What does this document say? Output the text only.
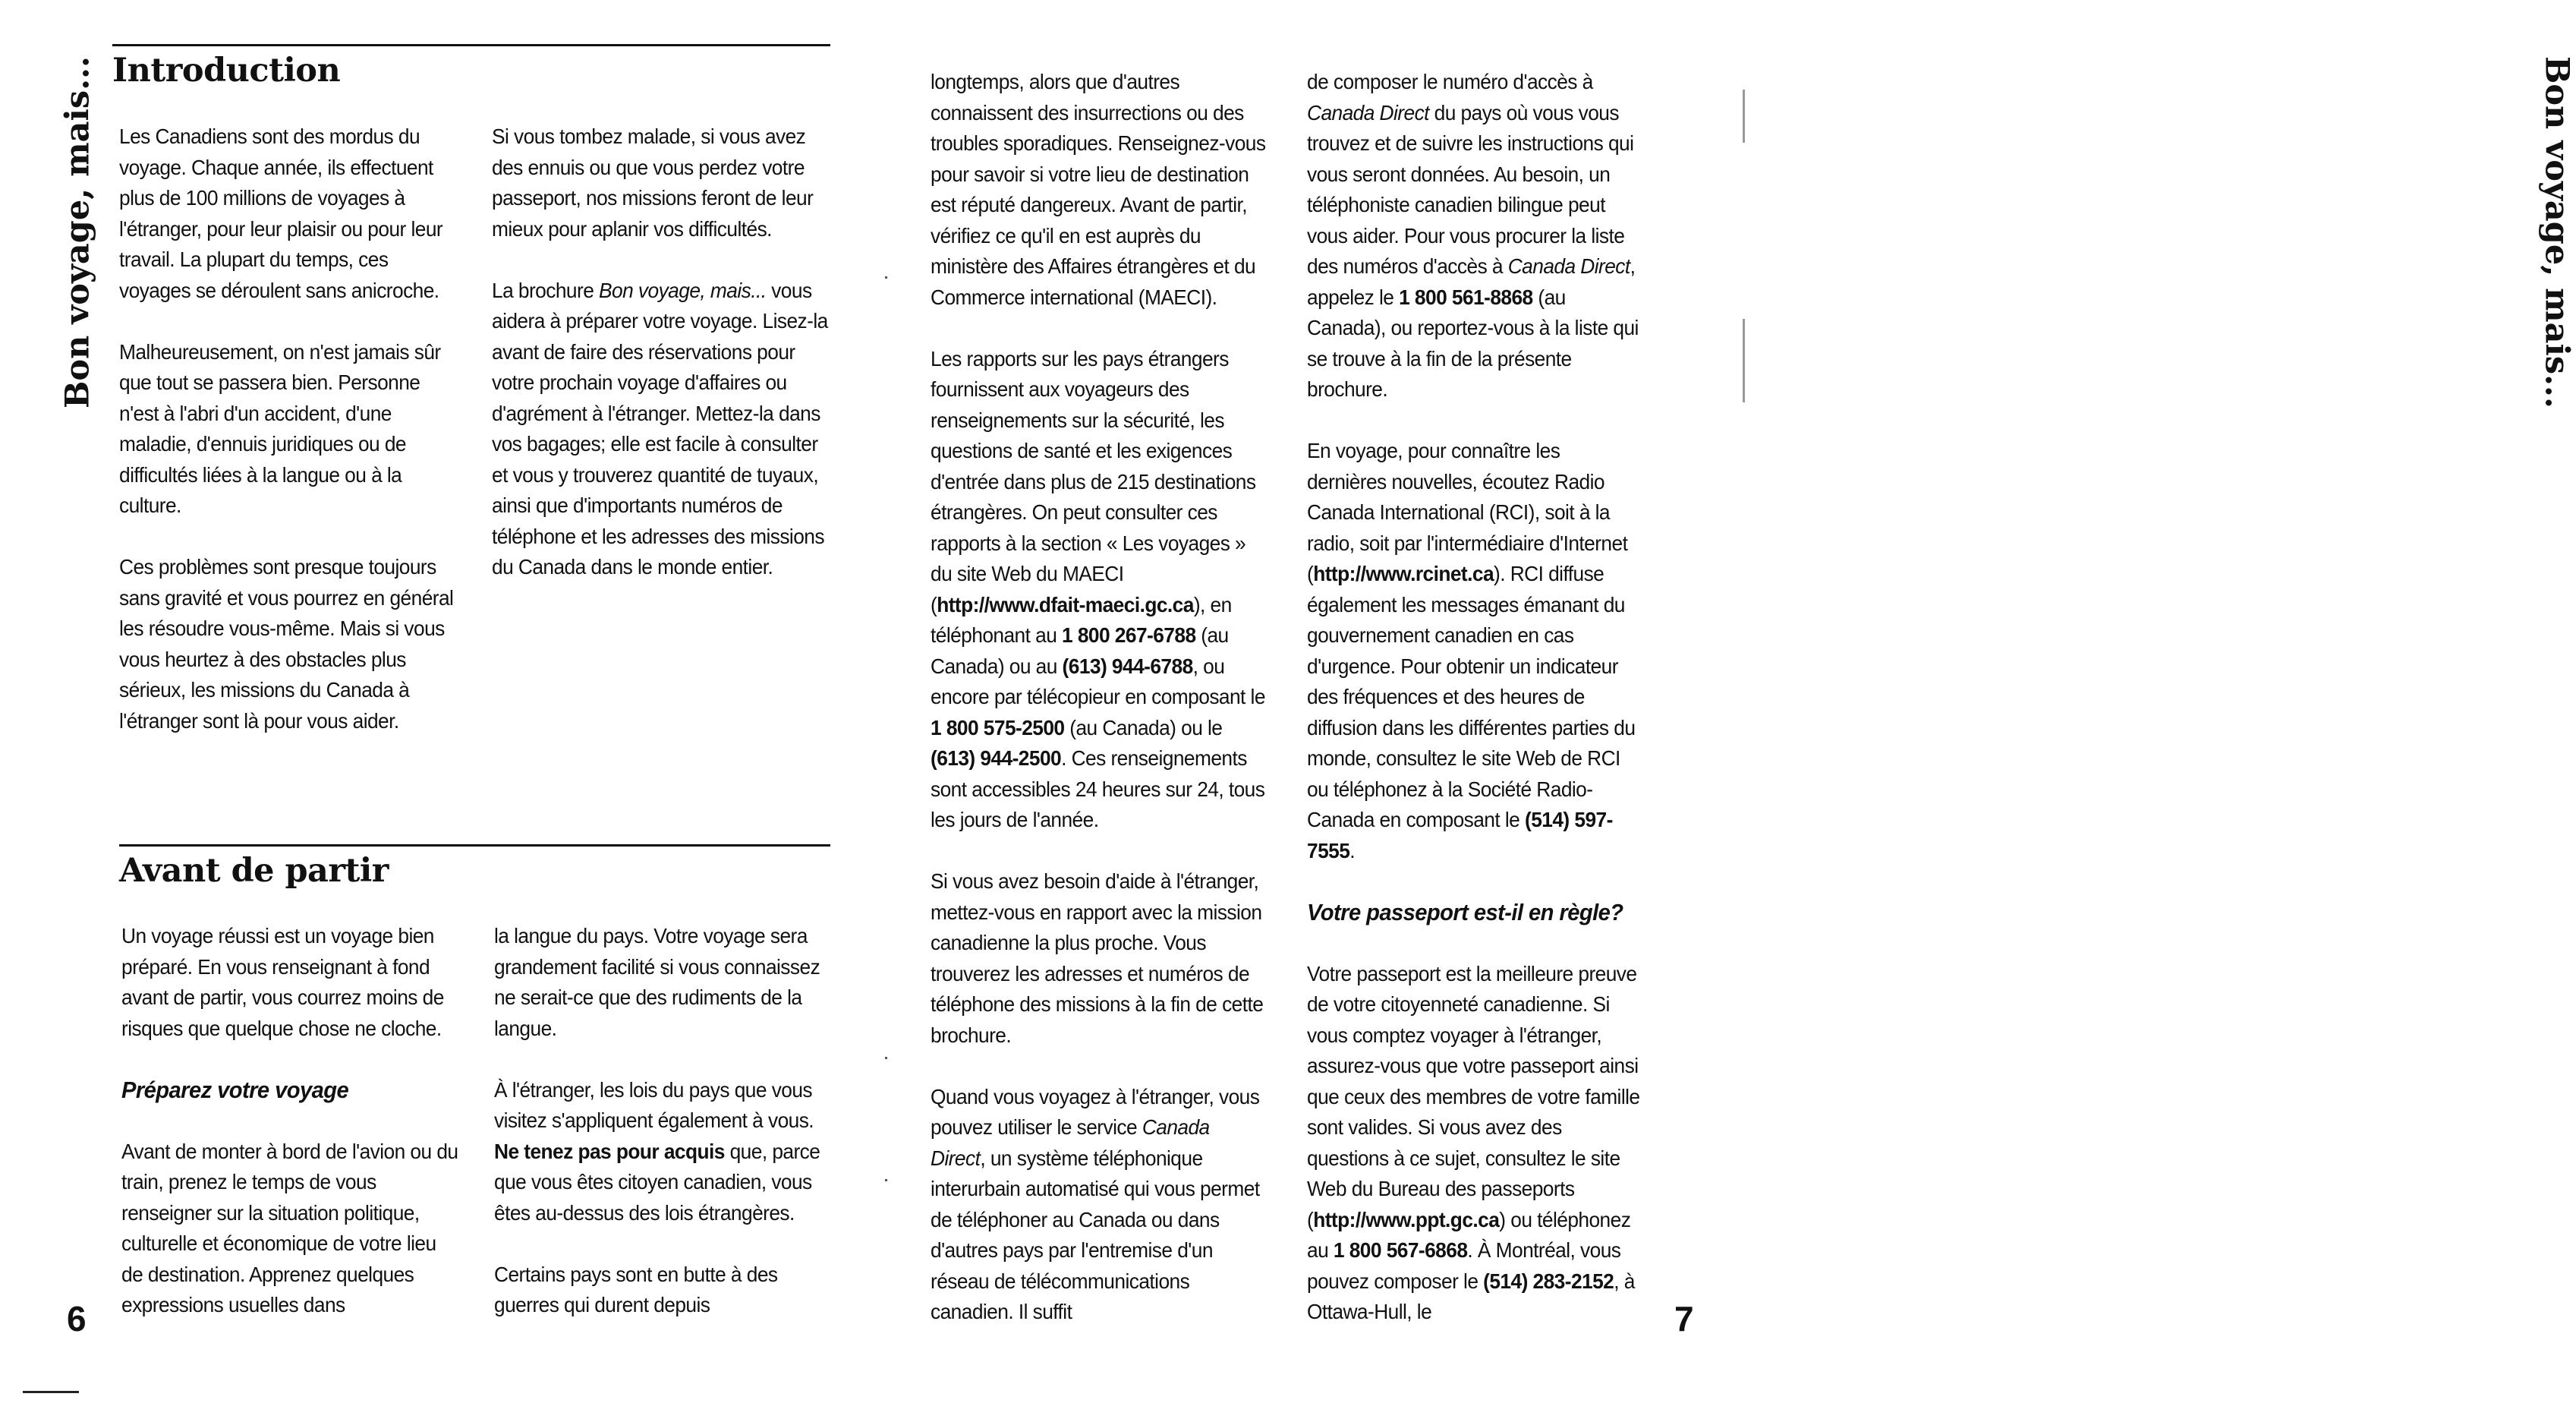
Bon voyage, mais... Introduction

Les Canadiens sont des mordus du voyage. Chaque année, ils effectuent plus de 100 millions de voyages à l'étranger, pour leur plaisir ou pour leur travail. La plupart du temps, ces voyages se déroulent sans anicroche.

Malheureusement, on n'est jamais sûr que tout se passera bien. Personne n'est à l'abri d'un accident, d'une maladie, d'ennuis juridiques ou de difficultés liées à la langue ou à la culture.

Ces problèmes sont presque toujours sans gravité et vous pourrez en général les résoudre vous-même. Mais si vous vous heurtez à des obstacles plus sérieux, les missions du Canada à l'étranger sont là pour vous aider.

Si vous tombez malade, si vous avez des ennuis ou que vous perdez votre passeport, nos missions feront de leur mieux pour aplanir vos difficultés.

La brochure Bon voyage, mais... vous aidera à préparer votre voyage. Lisez-la avant de faire des réservations pour votre prochain voyage d'affaires ou d'agrément à l'étranger. Mettez-la dans vos bagages; elle est facile à consulter et vous y trouverez quantité de tuyaux, ainsi que d'importants numéros de téléphone et les adresses des missions du Canada dans le monde entier.

Avant de partir

Un voyage réussi est un voyage bien préparé. En vous renseignant à fond avant de partir, vous courrez moins de risques que quelque chose ne cloche.

Préparez votre voyage

Avant de monter à bord de l'avion ou du train, prenez le temps de vous renseigner sur la situation politique, culturelle et économique de votre lieu de destination. Apprenez quelques expressions usuelles dans

la langue du pays. Votre voyage sera grandement facilité si vous connaissez ne serait-ce que des rudiments de la langue.

À l'étranger, les lois du pays que vous visitez s'appliquent également à vous. Ne tenez pas pour acquis que, parce que vous êtes citoyen canadien, vous êtes au-dessus des lois étrangères.

Certains pays sont en butte à des guerres qui durent depuis

6

longtemps, alors que d'autres connaissent des insurrections ou des troubles sporadiques. Renseignez-vous pour savoir si votre lieu de destination est réputé dangereux. Avant de partir, vérifiez ce qu'il en est auprès du ministère des Affaires étrangères et du Commerce international (MAECI).

Les rapports sur les pays étrangers fournissent aux voyageurs des renseignements sur la sécurité, les questions de santé et les exigences d'entrée dans plus de 215 destinations étrangères. On peut consulter ces rapports à la section « Les voyages » du site Web du MAECI (http://www.dfait-maeci.gc.ca), en téléphonant au 1 800 267-6788 (au Canada) ou au (613) 944-6788, ou encore par télécopieur en composant le 1 800 575-2500 (au Canada) ou le (613) 944-2500. Ces renseignements sont accessibles 24 heures sur 24, tous les jours de l'année.

Si vous avez besoin d'aide à l'étranger, mettez-vous en rapport avec la mission canadienne la plus proche. Vous trouverez les adresses et numéros de téléphone des missions à la fin de cette brochure.

Quand vous voyagez à l'étranger, vous pouvez utiliser le service Canada Direct, un système téléphonique interurbain automatisé qui vous permet de téléphoner au Canada ou dans d'autres pays par l'entremise d'un réseau de télécommunications canadien. Il suffit

de composer le numéro d'accès à Canada Direct du pays où vous vous trouvez et de suivre les instructions qui vous seront données. Au besoin, un téléphoniste canadien bilingue peut vous aider. Pour vous procurer la liste des numéros d'accès à Canada Direct, appelez le 1 800 561-8868 (au Canada), ou reportez-vous à la liste qui se trouve à la fin de la présente brochure.

En voyage, pour connaître les dernières nouvelles, écoutez Radio Canada International (RCI), soit à la radio, soit par l'intermédiaire d'Internet (http://www.rcinet.ca). RCI diffuse également les messages émanant du gouvernement canadien en cas d'urgence. Pour obtenir un indicateur des fréquences et des heures de diffusion dans les différentes parties du monde, consultez le site Web de RCI ou téléphonez à la Société Radio-Canada en composant le (514) 597-7555.

Votre passeport est-il en règle?

Votre passeport est la meilleure preuve de votre citoyenneté canadienne. Si vous comptez voyager à l'étranger, assurez-vous que votre passeport ainsi que ceux des membres de votre famille sont valides. Si vous avez des questions à ce sujet, consultez le site Web du Bureau des passeports (http://www.ppt.gc.ca) ou téléphonez au 1 800 567-6868. À Montréal, vous pouvez composer le (514) 283-2152, à Ottawa-Hull, le

Bon voyage, mais...
7
